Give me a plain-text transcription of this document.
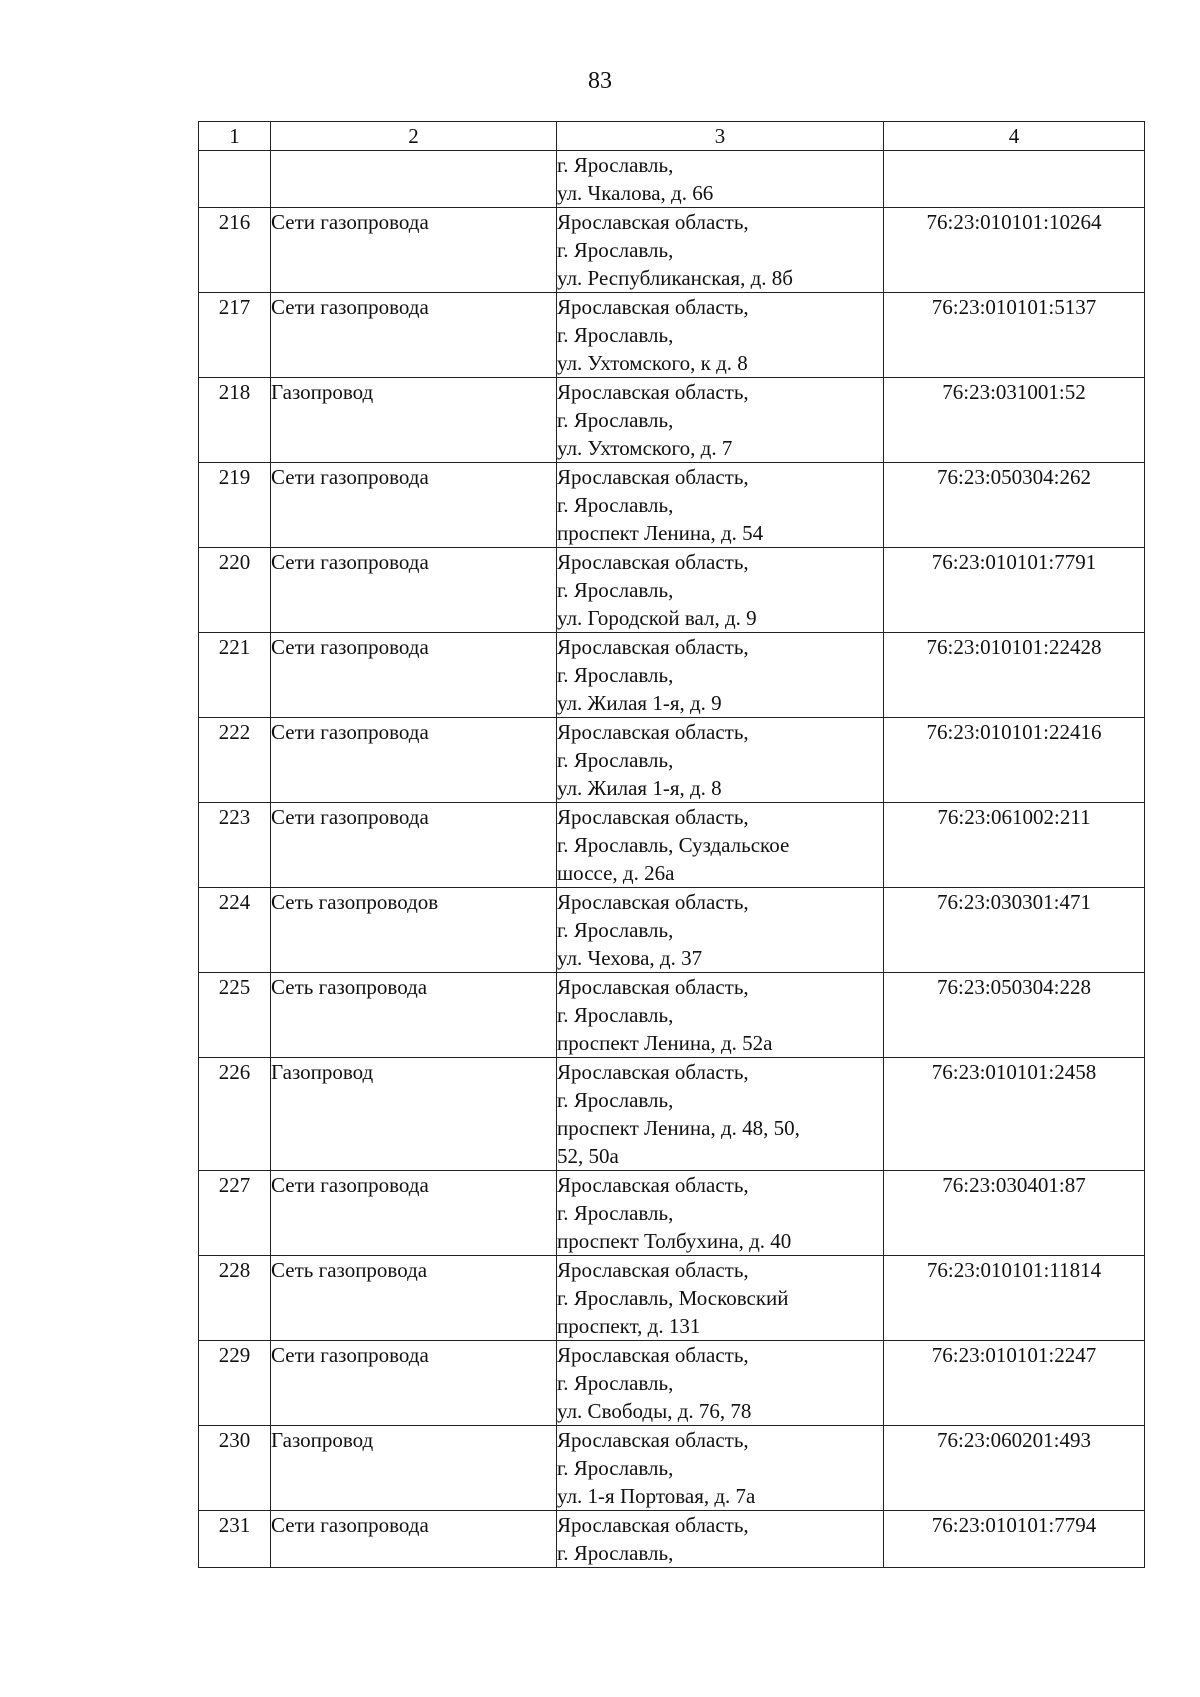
83
1	2	3	4

		г. Ярославль,
ул. Чкалова, д. 66	

216	Сети газопровода	Ярославская область,
г. Ярославль,
ул. Республиканская, д. 8б	76:23:010101:10264
217	Сети газопровода	Ярославская область,
г. Ярославль,
ул. Ухтомского, к д. 8	76:23:010101:5137
218	Газопровод	Ярославская область,
г. Ярославль,
ул. Ухтомского, д. 7	76:23:031001:52
219	Сети газопровода	Ярославская область,
г. Ярославль,
проспект Ленина, д. 54	76:23:050304:262
220	Сети газопровода	Ярославская область,
г. Ярославль,
ул. Городской вал, д. 9	76:23:010101:7791
221	Сети газопровода	Ярославская область,
г. Ярославль,
ул. Жилая 1-я, д. 9	76:23:010101:22428
222	Сети газопровода	Ярославская область,
г. Ярославль,
ул. Жилая 1-я, д. 8	76:23:010101:22416
223	Сети газопровода	Ярославская область,
г. Ярославль, Суздальское
шоссе, д. 26а	76:23:061002:211
224	Сеть газопроводов	Ярославская область,
г. Ярославль,
ул. Чехова, д. 37	76:23:030301:471
225	Сеть газопровода	Ярославская область,
г. Ярославль,
проспект Ленина, д. 52а	76:23:050304:228
226	Газопровод	Ярославская область,
г. Ярославль,
проспект Ленина, д. 48, 50,
52, 50а	76:23:010101:2458
227	Сети газопровода	Ярославская область,
г. Ярославль,
проспект Толбухина, д. 40	76:23:030401:87
228	Сеть газопровода	Ярославская область,
г. Ярославль, Московский
проспект, д. 131	76:23:010101:11814
229	Сети газопровода	Ярославская область,
г. Ярославль,
ул. Свободы, д. 76, 78	76:23:010101:2247
230	Газопровод	Ярославская область,
г. Ярославль,
ул. 1-я Портовая, д. 7а	76:23:060201:493
231	Сети газопровода	Ярославская область,
г. Ярославль,	76:23:010101:7794
